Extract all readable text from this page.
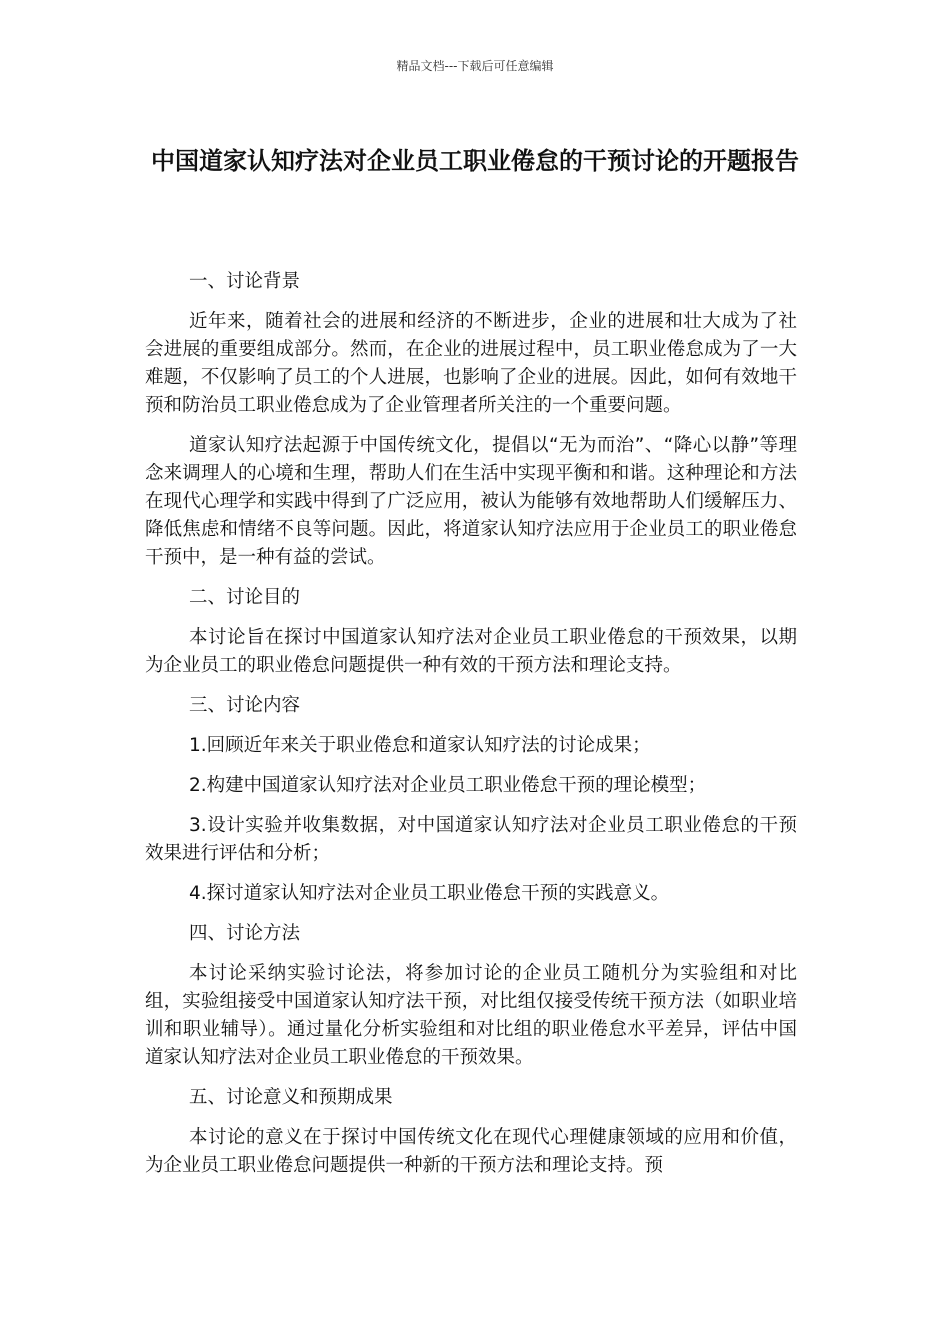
精品文档---下载后可任意编辑
中国道家认知疗法对企业员工职业倦怠的干预讨论的开题报告

一、讨论背景

近年来，随着社会的进展和经济的不断进步，企业的进展和壮大成为了社会进展的重要组成部分。然而，在企业的进展过程中，员工职业倦怠成为了一大难题，不仅影响了员工的个人进展，也影响了企业的进展。因此，如何有效地干预和防治员工职业倦怠成为了企业管理者所关注的一个重要问题。

道家认知疗法起源于中国传统文化，提倡以“无为而治”、“降心以静”等理念来调理人的心境和生理，帮助人们在生活中实现平衡和和谐。这种理论和方法在现代心理学和实践中得到了广泛应用，被认为能够有效地帮助人们缓解压力、降低焦虑和情绪不良等问题。因此，将道家认知疗法应用于企业员工的职业倦怠干预中，是一种有益的尝试。

二、讨论目的

本讨论旨在探讨中国道家认知疗法对企业员工职业倦怠的干预效果，以期为企业员工的职业倦怠问题提供一种有效的干预方法和理论支持。

三、讨论内容

1.回顾近年来关于职业倦怠和道家认知疗法的讨论成果；

2.构建中国道家认知疗法对企业员工职业倦怠干预的理论模型；

3.设计实验并收集数据，对中国道家认知疗法对企业员工职业倦怠的干预效果进行评估和分析；

4.探讨道家认知疗法对企业员工职业倦怠干预的实践意义。

四、讨论方法

本讨论采纳实验讨论法，将参加讨论的企业员工随机分为实验组和对比组，实验组接受中国道家认知疗法干预，对比组仅接受传统干预方法（如职业培训和职业辅导）。通过量化分析实验组和对比组的职业倦怠水平差异，评估中国道家认知疗法对企业员工职业倦怠的干预效果。

五、讨论意义和预期成果

本讨论的意义在于探讨中国传统文化在现代心理健康领域的应用和价值，为企业员工职业倦怠问题提供一种新的干预方法和理论支持。预
